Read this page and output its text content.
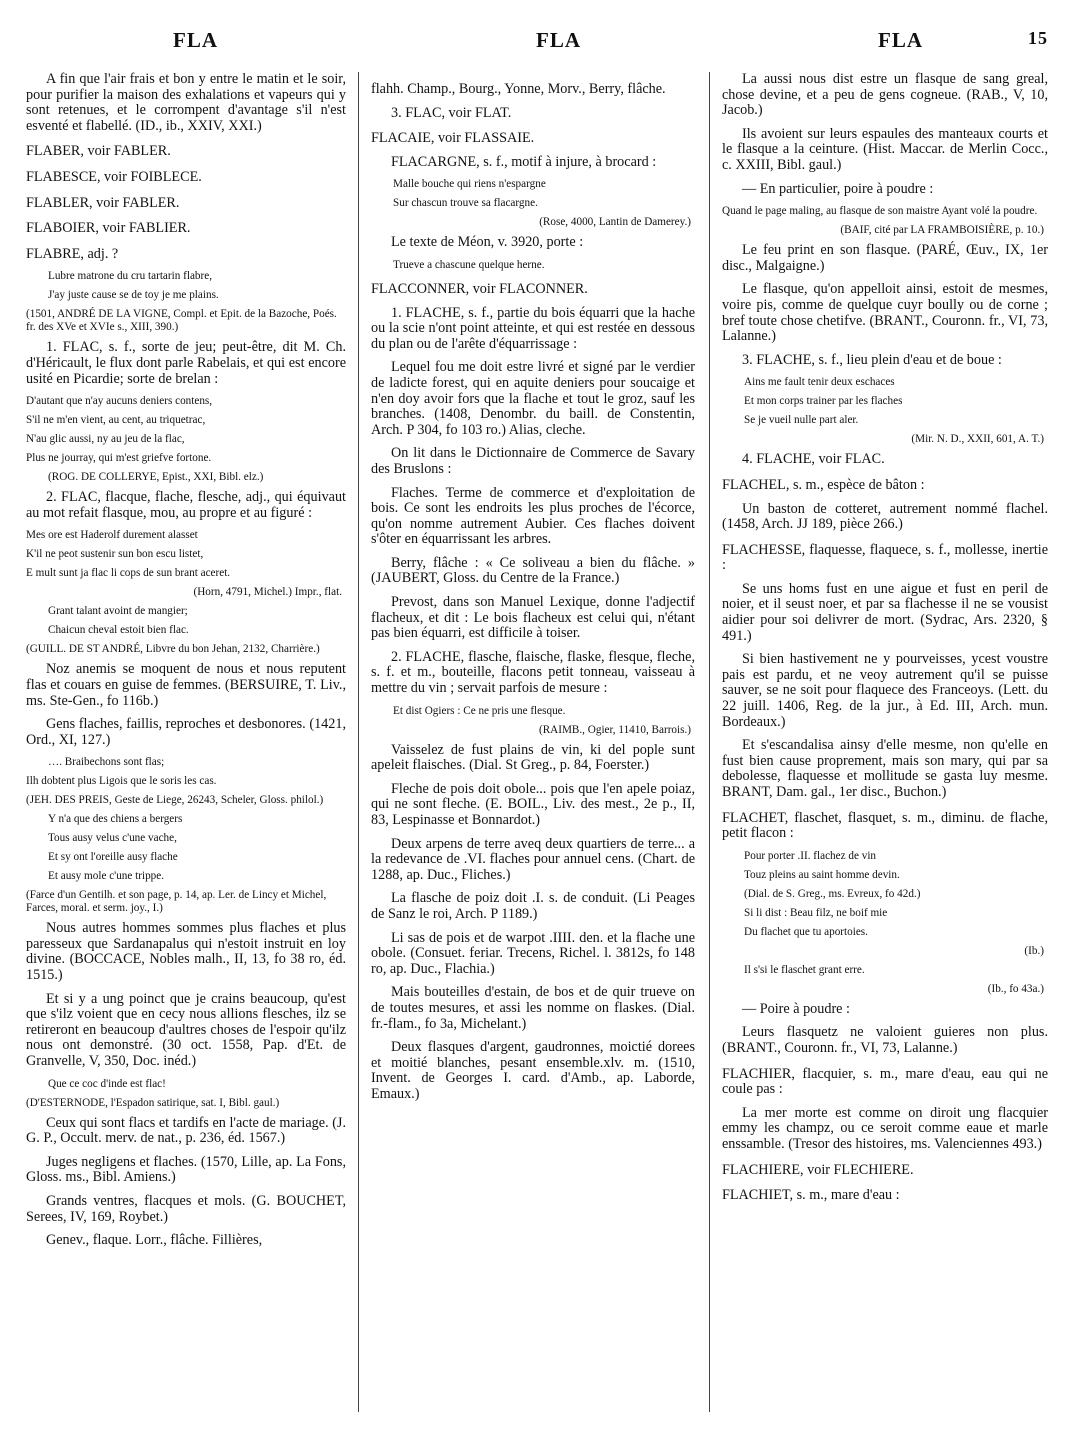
FLA	FLA	FLA	15
A fin que l'air frais et bon y entre le matin et le soir, pour purifier la maison des exhalations et vapeurs qui y sont retenues, et le corrompent d'avantage s'il n'est esventé et flabellé. (ID., ib., XXIV, XXI.)
FLABER, voir FABLER.
FLABESCE, voir FOIBLECE.
FLABLER, voir FABLER.
FLABOIER, voir FABLIER.
FLABRE, adj. ?
Lubre matrone du cru tartarin flabre,
J'ay juste cause se de toy je me plains.
(1501, ANDRÉ DE LA VIGNE, Compl. et Epit. de la Bazoche, Poés. fr. des XVe et XVIe s., XIII, 390.)
1. FLAC, s. f., sorte de jeu; peut-être, dit M. Ch. d'Héricault, le flux dont parle Rabelais, et qui est encore usité en Picardie; sorte de brelan :
D'autant que n'ay aucuns deniers contens,
S'il ne m'en vient, au cent, au triquetrac,
N'au glic aussi, ny au jeu de la flac,
Plus ne jourray, qui m'est griefve fortone.
(ROG. DE COLLERYE, Epist., XXI, Bibl. elz.)
2. FLAC, flacque, flache, flesche, adj., qui équivaut au mot refait flasque, mou, au propre et au figuré :
Mes ore est Haderolf durement alasset
K'il ne peot sustenir sun bon escu listet,
E mult sunt ja flac li cops de sun brant aceret.
(Horn, 4791, Michel.) Impr., flat.
Grant talant avoint de mangier;
Chaicun cheval estoit bien flac.
(GUILL. DE ST ANDRÉ, Libvre du bon Jehan, 2132, Charrière.)
Noz anemis se moquent de nous et nous reputent flas et couars en guise de femmes. (BERSUIRE, T. Liv., ms. Ste-Gen., fo 116b.)
Gens flaches, faillis, reproches et desbonores. (1421, Ord., XI, 127.)
…. Braibechons sont flas;
Ilh dobtent plus Ligois que le soris les cas.
(JEH. DES PREIS, Geste de Liege, 26243, Scheler, Gloss. philol.)
Y n'a que des chiens a bergers
Tous ausy velus c'une vache,
Et sy ont l'oreille ausy flache
Et ausy mole c'une trippe.
(Farce d'un Gentilh. et son page, p. 14, ap. Ler. de Lincy et Michel, Farces, moral. et serm. joy., I.)
Nous autres hommes sommes plus flaches et plus paresseux que Sardanapalus qui n'estoit instruit en loy divine. (BOCCACE, Nobles malh., II, 13, fo 38 ro, éd. 1515.)
Et si y a ung poinct que je crains beaucoup, qu'est que s'ilz voient que en cecy nous allions flesches, ilz se retireront en beaucoup d'aultres choses de l'espoir qu'ilz nous ont demonstré. (30 oct. 1558, Pap. d'Et. de Granvelle, V, 350, Doc. inéd.)
Que ce coc d'inde est flac!
(D'ESTERNODE, l'Espadon satirique, sat. I, Bibl. gaul.)
Ceux qui sont flacs et tardifs en l'acte de mariage. (J. G. P., Occult. merv. de nat., p. 236, éd. 1567.)
Juges negligens et flaches. (1570, Lille, ap. La Fons, Gloss. ms., Bibl. Amiens.)
Grands ventres, flacques et mols. (G. BOUCHET, Serees, IV, 169, Roybet.)
Genev., flaque. Lorr., flâche. Fillières,
flahh. Champ., Bourg., Yonne, Morv., Berry, flâche.
3. FLAC, voir FLAT.
FLACAIE, voir FLASSAIE.
FLACARGNE, s. f., motif à injure, à brocard :
Malle bouche qui riens n'espargne
Sur chascun trouve sa flacargne.
(Rose, 4000, Lantin de Damerey.)
Le texte de Méon, v. 3920, porte :
Trueve a chascune quelque herne.
FLACCONNER, voir FLACONNER.
1. FLACHE, s. f., partie du bois équarri que la hache ou la scie n'ont point atteinte, et qui est restée en dessous du plan ou de l'arête d'équarrissage :
Lequel fou me doit estre livré et signé par le verdier de ladicte forest, qui en aquite deniers pour soucaige et n'en doy avoir fors que la flache et tout le groz, sauf les branches. (1408, Denombr. du baill. de Constentin, Arch. P 304, fo 103 ro.) Alias, cleche.
On lit dans le Dictionnaire de Commerce de Savary des Bruslons :
Flaches. Terme de commerce et d'exploitation de bois. Ce sont les endroits les plus proches de l'écorce, qu'on nomme autrement Aubier. Ces flaches doivent s'ôter en équarrissant les arbres.
Berry, flâche : « Ce soliveau a bien du flâche. » (JAUBERT, Gloss. du Centre de la France.)
Prevost, dans son Manuel Lexique, donne l'adjectif flacheux, et dit : Le bois flacheux est celui qui, n'étant pas bien équarri, est difficile à toiser.
2. FLACHE, flasche, flaische, flaske, flesque, fleche, s. f. et m., bouteille, flacons petit tonneau, vaisseau à mettre du vin ; servait parfois de mesure :
Et dist Ogiers : Ce ne pris une flesque.
(RAIMB., Ogier, 11410, Barrois.)
Vaisselez de fust plains de vin, ki del pople sunt apeleit flaisches. (Dial. St Greg., p. 84, Foerster.)
Fleche de pois doit obole... pois que l'en apele poiaz, qui ne sont fleche. (E. BOIL., Liv. des mest., 2e p., II, 83, Lespinasse et Bonnardot.)
Deux arpens de terre aveq deux quartiers de terre... a la redevance de .VI. flaches pour annuel cens. (Chart. de 1288, ap. Duc., Fliches.)
La flasche de poiz doit .I. s. de conduit. (Li Peages de Sanz le roi, Arch. P 1189.)
Li sas de pois et de warpot .IIII. den. et la flache une obole. (Consuet. feriar. Trecens, Richel. l. 3812s, fo 148 ro, ap. Duc., Flachia.)
Mais bouteilles d'estain, de bos et de quir trueve on de toutes mesures, et assi les nomme on flaskes. (Dial. fr.-flam., fo 3a, Michelant.)
Deux flasques d'argent, gaudronnes, moictié dorees et moitié blanches, pesant ensemble.xlv. m. (1510, Invent. de Georges I. card. d'Amb., ap. Laborde, Emaux.)
La aussi nous dist estre un flasque de sang greal, chose devine, et a peu de gens cogneue. (RAB., V, 10, Jacob.)
Ils avoient sur leurs espaules des manteaux courts et le flasque a la ceinture. (Hist. Maccar. de Merlin Cocc., c. XXIII, Bibl. gaul.)
— En particulier, poire à poudre :
Quand le page maling, au flasque de son maistre Ayant volé la poudre.
(BAIF, cité par LA FRAMBOISIÈRE, p. 10.)
Le feu print en son flasque. (PARÉ, Œuv., IX, 1er disc., Malgaigne.)
Le flasque, qu'on appelloit ainsi, estoit de mesmes, voire pis, comme de quelque cuyr boully ou de corne ; bref toute chose chetifve. (BRANT., Couronn. fr., VI, 73, Lalanne.)
3. FLACHE, s. f., lieu plein d'eau et de boue :
Ains me fault tenir deux eschaces
Et mon corps trainer par les flaches
Se je vueil nulle part aler.
(Mir. N. D., XXII, 601, A. T.)
4. FLACHE, voir FLAC.
FLACHEL, s. m., espèce de bâton :
Un baston de cotteret, autrement nommé flachel. (1458, Arch. JJ 189, pièce 266.)
FLACHESSE, flaquesse, flaquece, s. f., mollesse, inertie :
Se uns homs fust en une aigue et fust en peril de noier, et il seust noer, et par sa flachesse il ne se vousist aidier pour soi delivrer de mort. (Sydrac, Ars. 2320, § 491.)
Si bien hastivement ne y pourveisses, ycest voustre pais est pardu, et ne veoy autrement qu'il se puisse sauver, se ne soit pour flaquece des Franceoys. (Lett. du 22 juill. 1406, Reg. de la jur., à Ed. III, Arch. mun. Bordeaux.)
Et s'escandalisa ainsy d'elle mesme, non qu'elle en fust bien cause proprement, mais son mary, qui par sa debolesse, flaquesse et mollitude se gasta luy mesme. BRANT, Dam. gal., 1er disc., Buchon.)
FLACHET, flaschet, flasquet, s. m., diminu. de flache, petit flacon :
Pour porter .II. flachez de vin
Touz pleins au saint homme devin.
(Dial. de S. Greg., ms. Evreux, fo 42d.)
Si li dist : Beau filz, ne boif mie
Du flachet que tu aportoies.
(Ib.)
Il s'si le flaschet grant erre.
(Ib., fo 43a.)
— Poire à poudre :
Leurs flasquetz ne valoient guieres non plus. (BRANT., Couronn. fr., VI, 73, Lalanne.)
FLACHIER, flacquier, s. m., mare d'eau, eau qui ne coule pas :
La mer morte est comme on diroit ung flacquier emmy les champz, ou ce seroit comme eaue et marle enssamble. (Tresor des histoires, ms. Valenciennes 493.)
FLACHIERE, voir FLECHIERE.
FLACHIET, s. m., mare d'eau :
